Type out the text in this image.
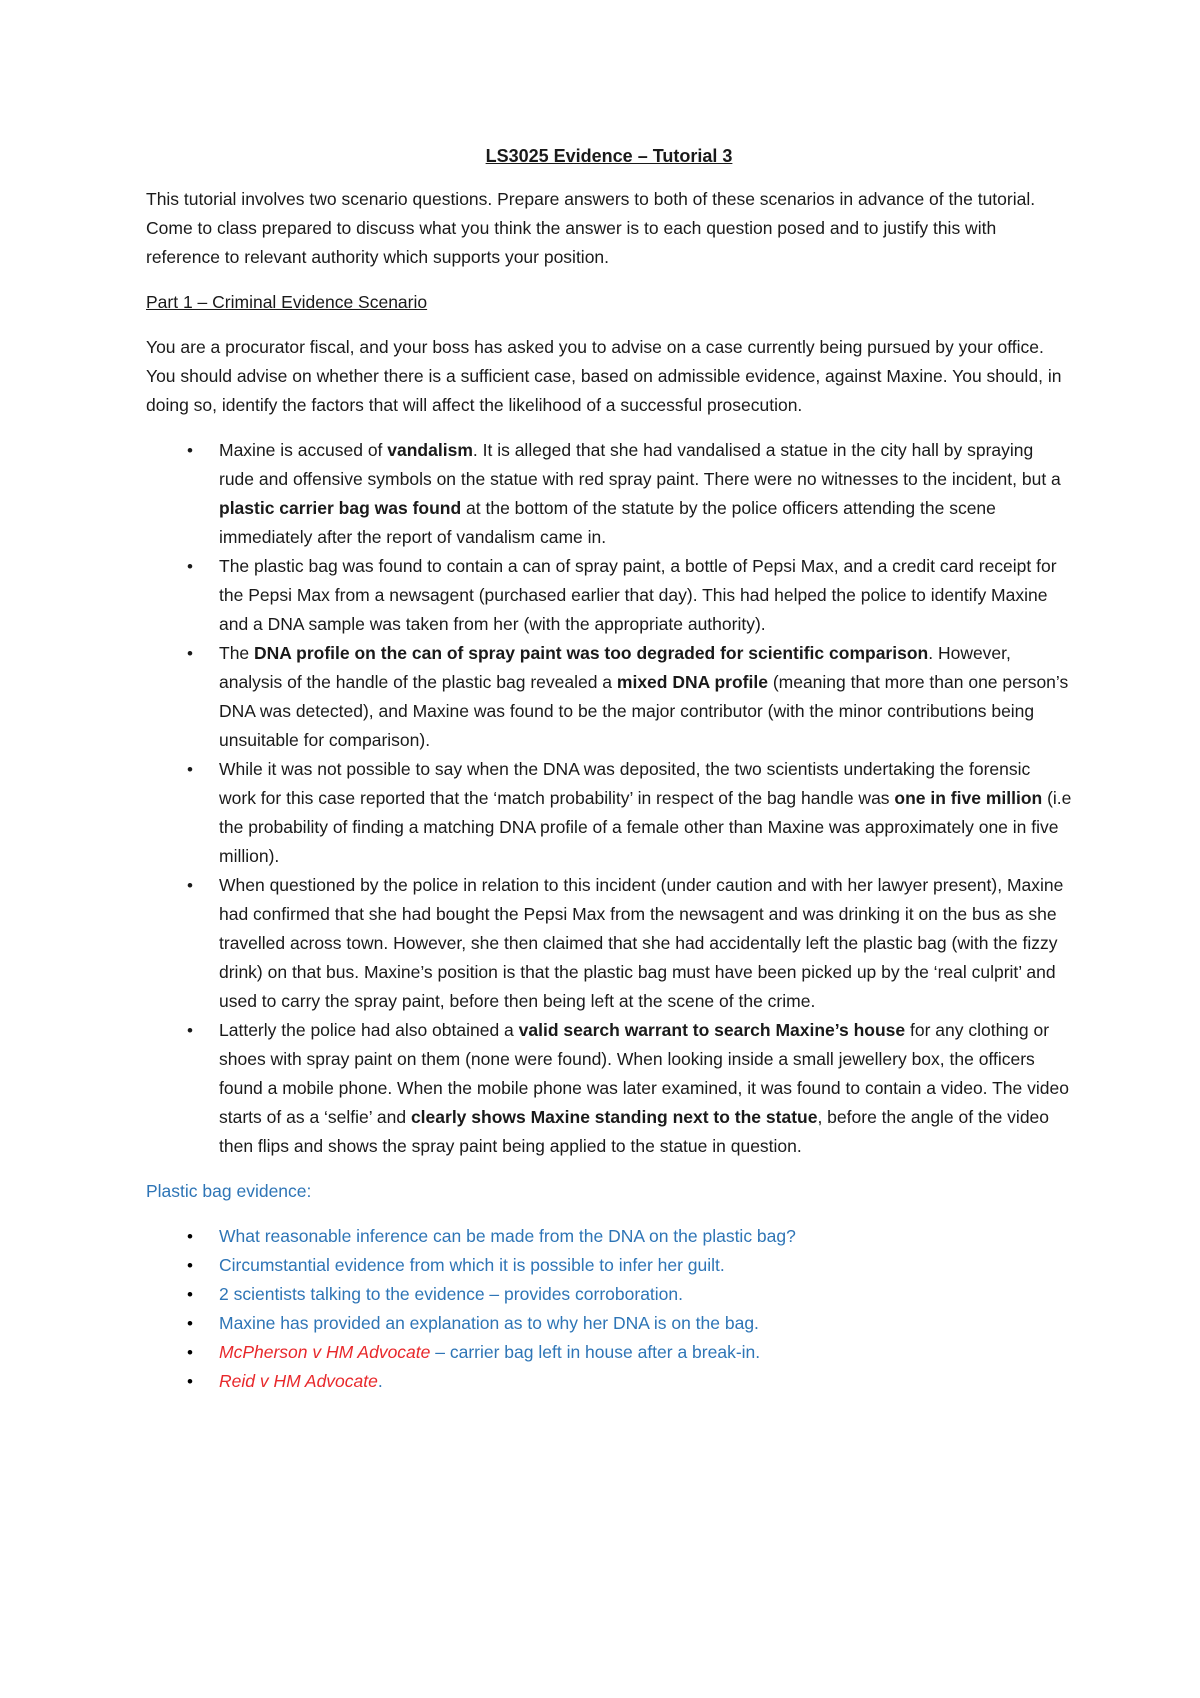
LS3025 Evidence – Tutorial 3

This tutorial involves two scenario questions. Prepare answers to both of these scenarios in advance of the tutorial. Come to class prepared to discuss what you think the answer is to each question posed and to justify this with reference to relevant authority which supports your position.

Part 1 – Criminal Evidence Scenario

You are a procurator fiscal, and your boss has asked you to advise on a case currently being pursued by your office. You should advise on whether there is a sufficient case, based on admissible evidence, against Maxine. You should, in doing so, identify the factors that will affect the likelihood of a successful prosecution.

• Maxine is accused of vandalism. It is alleged that she had vandalised a statue in the city hall by spraying rude and offensive symbols on the statue with red spray paint. There were no witnesses to the incident, but a plastic carrier bag was found at the bottom of the statute by the police officers attending the scene immediately after the report of vandalism came in.
• The plastic bag was found to contain a can of spray paint, a bottle of Pepsi Max, and a credit card receipt for the Pepsi Max from a newsagent (purchased earlier that day). This had helped the police to identify Maxine and a DNA sample was taken from her (with the appropriate authority).
• The DNA profile on the can of spray paint was too degraded for scientific comparison. However, analysis of the handle of the plastic bag revealed a mixed DNA profile (meaning that more than one person’s DNA was detected), and Maxine was found to be the major contributor (with the minor contributions being unsuitable for comparison).
• While it was not possible to say when the DNA was deposited, the two scientists undertaking the forensic work for this case reported that the ‘match probability’ in respect of the bag handle was one in five million (i.e the probability of finding a matching DNA profile of a female other than Maxine was approximately one in five million).
• When questioned by the police in relation to this incident (under caution and with her lawyer present), Maxine had confirmed that she had bought the Pepsi Max from the newsagent and was drinking it on the bus as she travelled across town. However, she then claimed that she had accidentally left the plastic bag (with the fizzy drink) on that bus. Maxine’s position is that the plastic bag must have been picked up by the ‘real culprit’ and used to carry the spray paint, before then being left at the scene of the crime.
• Latterly the police had also obtained a valid search warrant to search Maxine’s house for any clothing or shoes with spray paint on them (none were found). When looking inside a small jewellery box, the officers found a mobile phone. When the mobile phone was later examined, it was found to contain a video. The video starts of as a ‘selfie’ and clearly shows Maxine standing next to the statue, before the angle of the video then flips and shows the spray paint being applied to the statue in question.

Plastic bag evidence:

• What reasonable inference can be made from the DNA on the plastic bag?
• Circumstantial evidence from which it is possible to infer her guilt.
• 2 scientists talking to the evidence – provides corroboration.
• Maxine has provided an explanation as to why her DNA is on the bag.
• McPherson v HM Advocate – carrier bag left in house after a break-in.
• Reid v HM Advocate.
